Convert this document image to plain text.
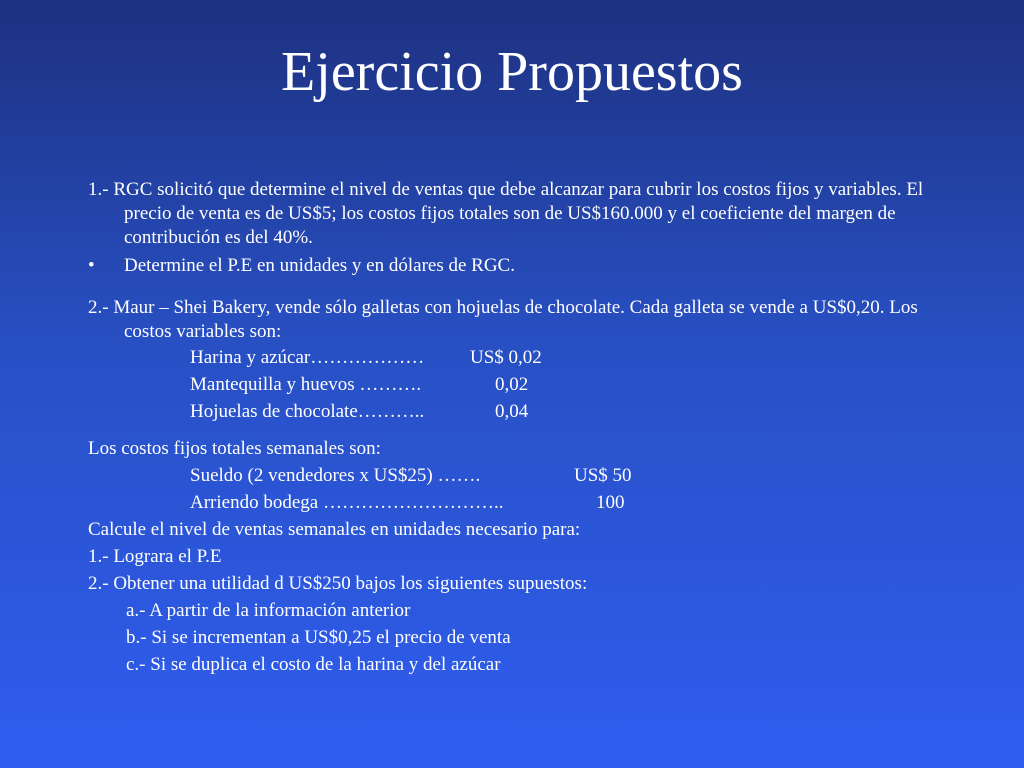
Ejercicio Propuestos

1.- RGC solicitó que determine el nivel de ventas que debe alcanzar para cubrir los costos fijos y variables. El precio de venta es de US$5; los costos fijos totales son de US$160.000 y el coeficiente del margen de contribución es del 40%.

• Determine el P.E en unidades y en dólares de RGC.

2.- Maur – Shei Bakery, vende sólo galletas con hojuelas de chocolate. Cada galleta se vende a US$0,20. Los costos variables son:

Harina y azúcar……………… US$ 0,02
Mantequilla y huevos ……….	0,02
Hojuelas de chocolate………..	0,04
Los costos fijos totales semanales son:
Sueldo (2 vendedores x US$25) …….	US$ 50
Arriendo bodega ………………………..	100
Calcule el nivel de ventas semanales en unidades necesario para:
1.- Lograra el P.E
2.- Obtener una utilidad d US$250 bajos los siguientes supuestos:
a.- A partir de la información anterior
b.- Si se incrementan a US$0,25 el precio de venta
c.- Si se duplica el costo de la harina y del azúcar
